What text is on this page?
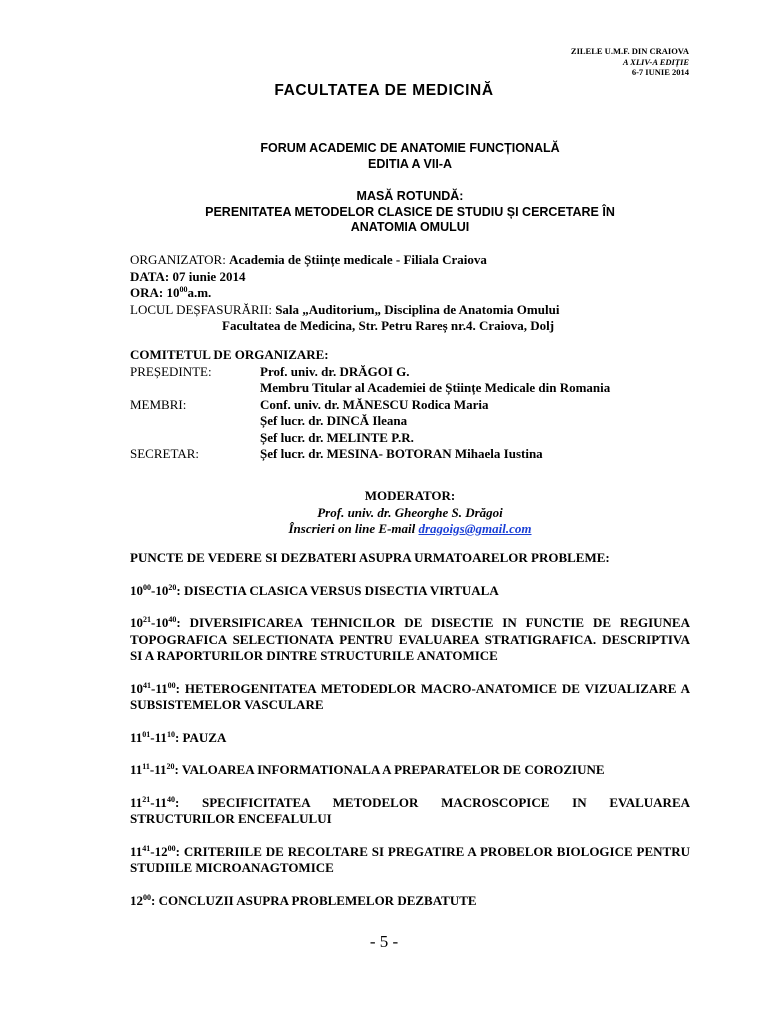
ZILELE U.M.F. DIN CRAIOVA
A XLIV-A EDIȚIE
6-7 IUNIE 2014
FACULTATEA DE MEDICINĂ
FORUM ACADEMIC DE ANATOMIE FUNCȚIONALĂ
EDITIA A VII-A
MASĂ ROTUNDĂ:
PERENITATEA METODELOR CLASICE DE STUDIU ȘI CERCETARE ÎN
ANATOMIA OMULUI
ORGANIZATOR: Academia de Științe medicale - Filiala Craiova
DATA: 07 iunie 2014
ORA: $10^{00}a.m$.
LOCUL DEȘFASURĂRII: Sala „Auditorium„ Disciplina de Anatomia Omului
Facultatea de Medicina, Str. Petru Rareș nr.4. Craiova, Dolj
COMITETUL DE ORGANIZARE:
PREȘEDINTE:	Prof. univ. dr. DRĂGOI G.
Membru Titular al Academiei de Științe Medicale din Romania
MEMBRI:	Conf. univ. dr. MĂNESCU Rodica Maria
Șef lucr. dr. DINCĂ Ileana
Șef lucr. dr. MELINTE P.R.
SECRETAR:	Șef lucr. dr. MESINA- BOTORAN Mihaela Iustina
MODERATOR:
Prof. univ. dr. Gheorghe S. Drăgoi
Înscrieri on line E-mail dragoigs@gmail.com
PUNCTE DE VEDERE SI DEZBATERI ASUPRA URMATOARELOR PROBLEME:
$10^{00}-10^{20}$: DISECTIA CLASICA VERSUS DISECTIA VIRTUALA
$10^{21}-10^{40}$: DIVERSIFICAREA TEHNICILOR DE DISECTIE IN FUNCTIE DE REGIUNEA TOPOGRAFICA SELECTIONATA PENTRU EVALUAREA STRATIGRAFICA. DESCRIPTIVA SI A RAPORTURILOR DINTRE STRUCTURILE ANATOMICE
$10^{41}-11^{00}$: HETEROGENITATEA METODEDLOR MACRO-ANATOMICE DE VIZUALIZARE A SUBSISTEMELOR VASCULARE
$11^{01}-11^{10}$: PAUZA
$11^{11}-11^{20}$: VALOAREA INFORMATIONALA A PREPARATELOR DE COROZIUNE
$11^{21}-11^{40}$: SPECIFICITATEA METODELOR MACROSCOPICE IN EVALUAREA STRUCTURILOR ENCEFALULUI
$11^{41}-12^{00}$: CRITERIILE DE RECOLTARE SI PREGATIRE A PROBELOR BIOLOGICE PENTRU STUDIILE MICROANAGTOMICE
$12^{00}$: CONCLUZII ASUPRA PROBLEMELOR DEZBATUTE
- 5 -
